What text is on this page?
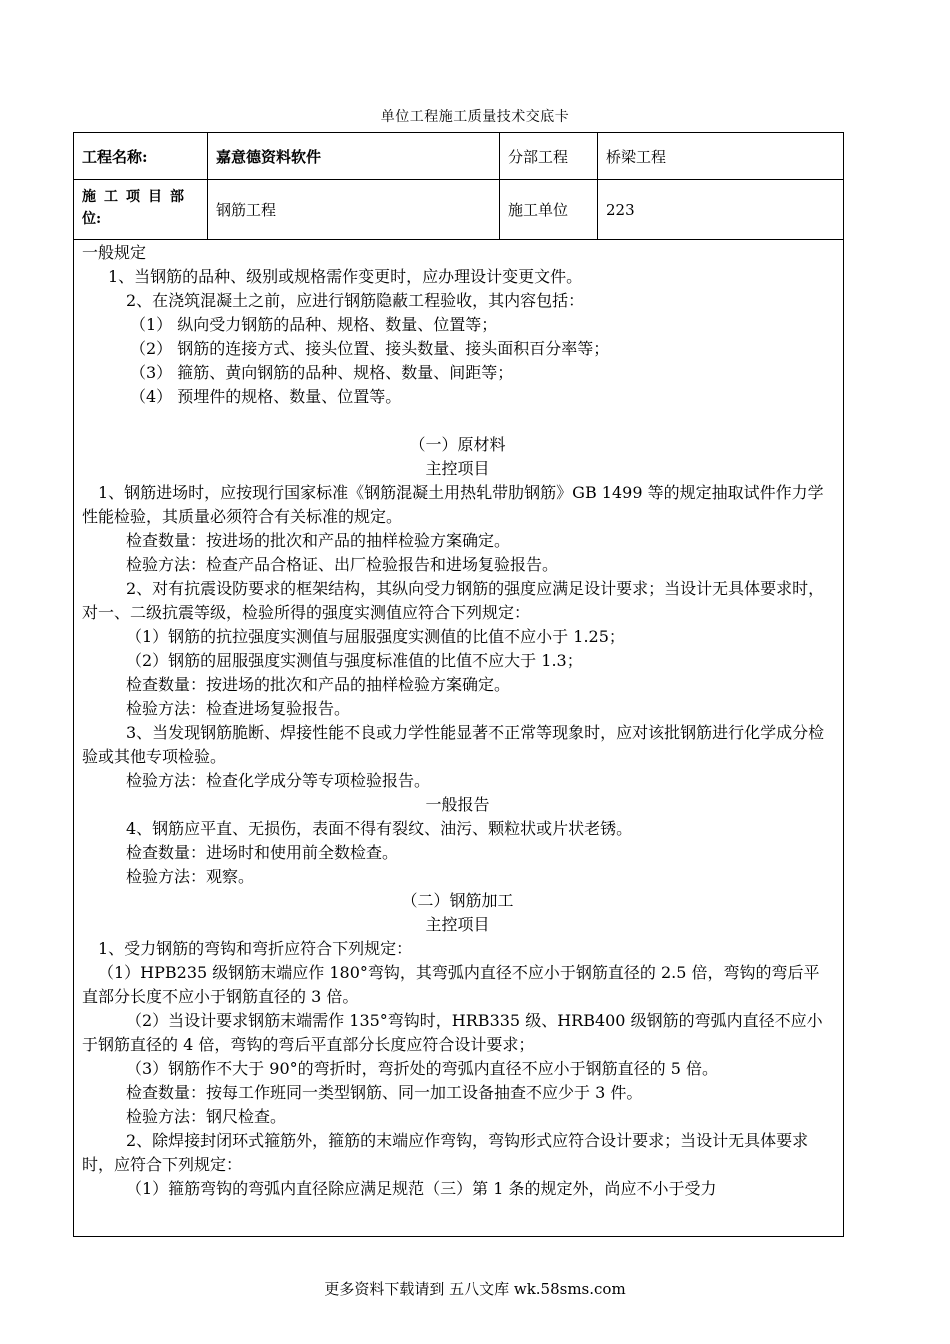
单位工程施工质量技术交底卡
工程名称:	嘉意德资料软件	分部工程	桥梁工程
施工项目部
位:	钢筋工程	施工单位	223

一般规定

1、当钢筋的品种、级别或规格需作变更时，应办理设计变更文件。

2、在浇筑混凝土之前，应进行钢筋隐蔽工程验收，其内容包括：

（1） 纵向受力钢筋的品种、规格、数量、位置等；

（2） 钢筋的连接方式、接头位置、接头数量、接头面积百分率等；

（3） 箍筋、黄向钢筋的品种、规格、数量、间距等；

（4） 预埋件的规格、数量、位置等。

（一）原材料

主控项目

1、钢筋进场时，应按现行国家标准《钢筋混凝土用热轧带肋钢筋》GB 1499 等的规定抽取试件作力学性能检验，其质量必须符合有关标准的规定。

检查数量：按进场的批次和产品的抽样检验方案确定。

检验方法：检查产品合格证、出厂检验报告和进场复验报告。

2、对有抗震设防要求的框架结构，其纵向受力钢筋的强度应满足设计要求；当设计无具体要求时，对一、二级抗震等级，检验所得的强度实测值应符合下列规定：

（1）钢筋的抗拉强度实测值与屈服强度实测值的比值不应小于 1.25；

（2）钢筋的屈服强度实测值与强度标准值的比值不应大于 1.3；

检查数量：按进场的批次和产品的抽样检验方案确定。

检验方法：检查进场复验报告。

3、当发现钢筋脆断、焊接性能不良或力学性能显著不正常等现象时，应对该批钢筋进行化学成分检验或其他专项检验。

检验方法：检查化学成分等专项检验报告。

一般报告

4、钢筋应平直、无损伤，表面不得有裂纹、油污、颗粒状或片状老锈。

检查数量：进场时和使用前全数检查。

检验方法：观察。

（二）钢筋加工

主控项目

1、受力钢筋的弯钩和弯折应符合下列规定：

（1）HPB235 级钢筋末端应作 180°弯钩，其弯弧内直径不应小于钢筋直径的 2.5 倍，弯钩的弯后平直部分长度不应小于钢筋直径的 3 倍。

（2）当设计要求钢筋末端需作 135°弯钩时，HRB335 级、HRB400 级钢筋的弯弧内直径不应小于钢筋直径的 4 倍，弯钩的弯后平直部分长度应符合设计要求；

（3）钢筋作不大于 90°的弯折时，弯折处的弯弧内直径不应小于钢筋直径的 5 倍。

检查数量：按每工作班同一类型钢筋、同一加工设备抽查不应少于 3 件。

检验方法：钢尺检查。

2、除焊接封闭环式箍筋外，箍筋的末端应作弯钩，弯钩形式应符合设计要求；当设计无具体要求时，应符合下列规定：

（1）箍筋弯钩的弯弧内直径除应满足规范（三）第 1 条的规定外，尚应不小于受力

更多资料下载请到 五八文库 wk.58sms.com
